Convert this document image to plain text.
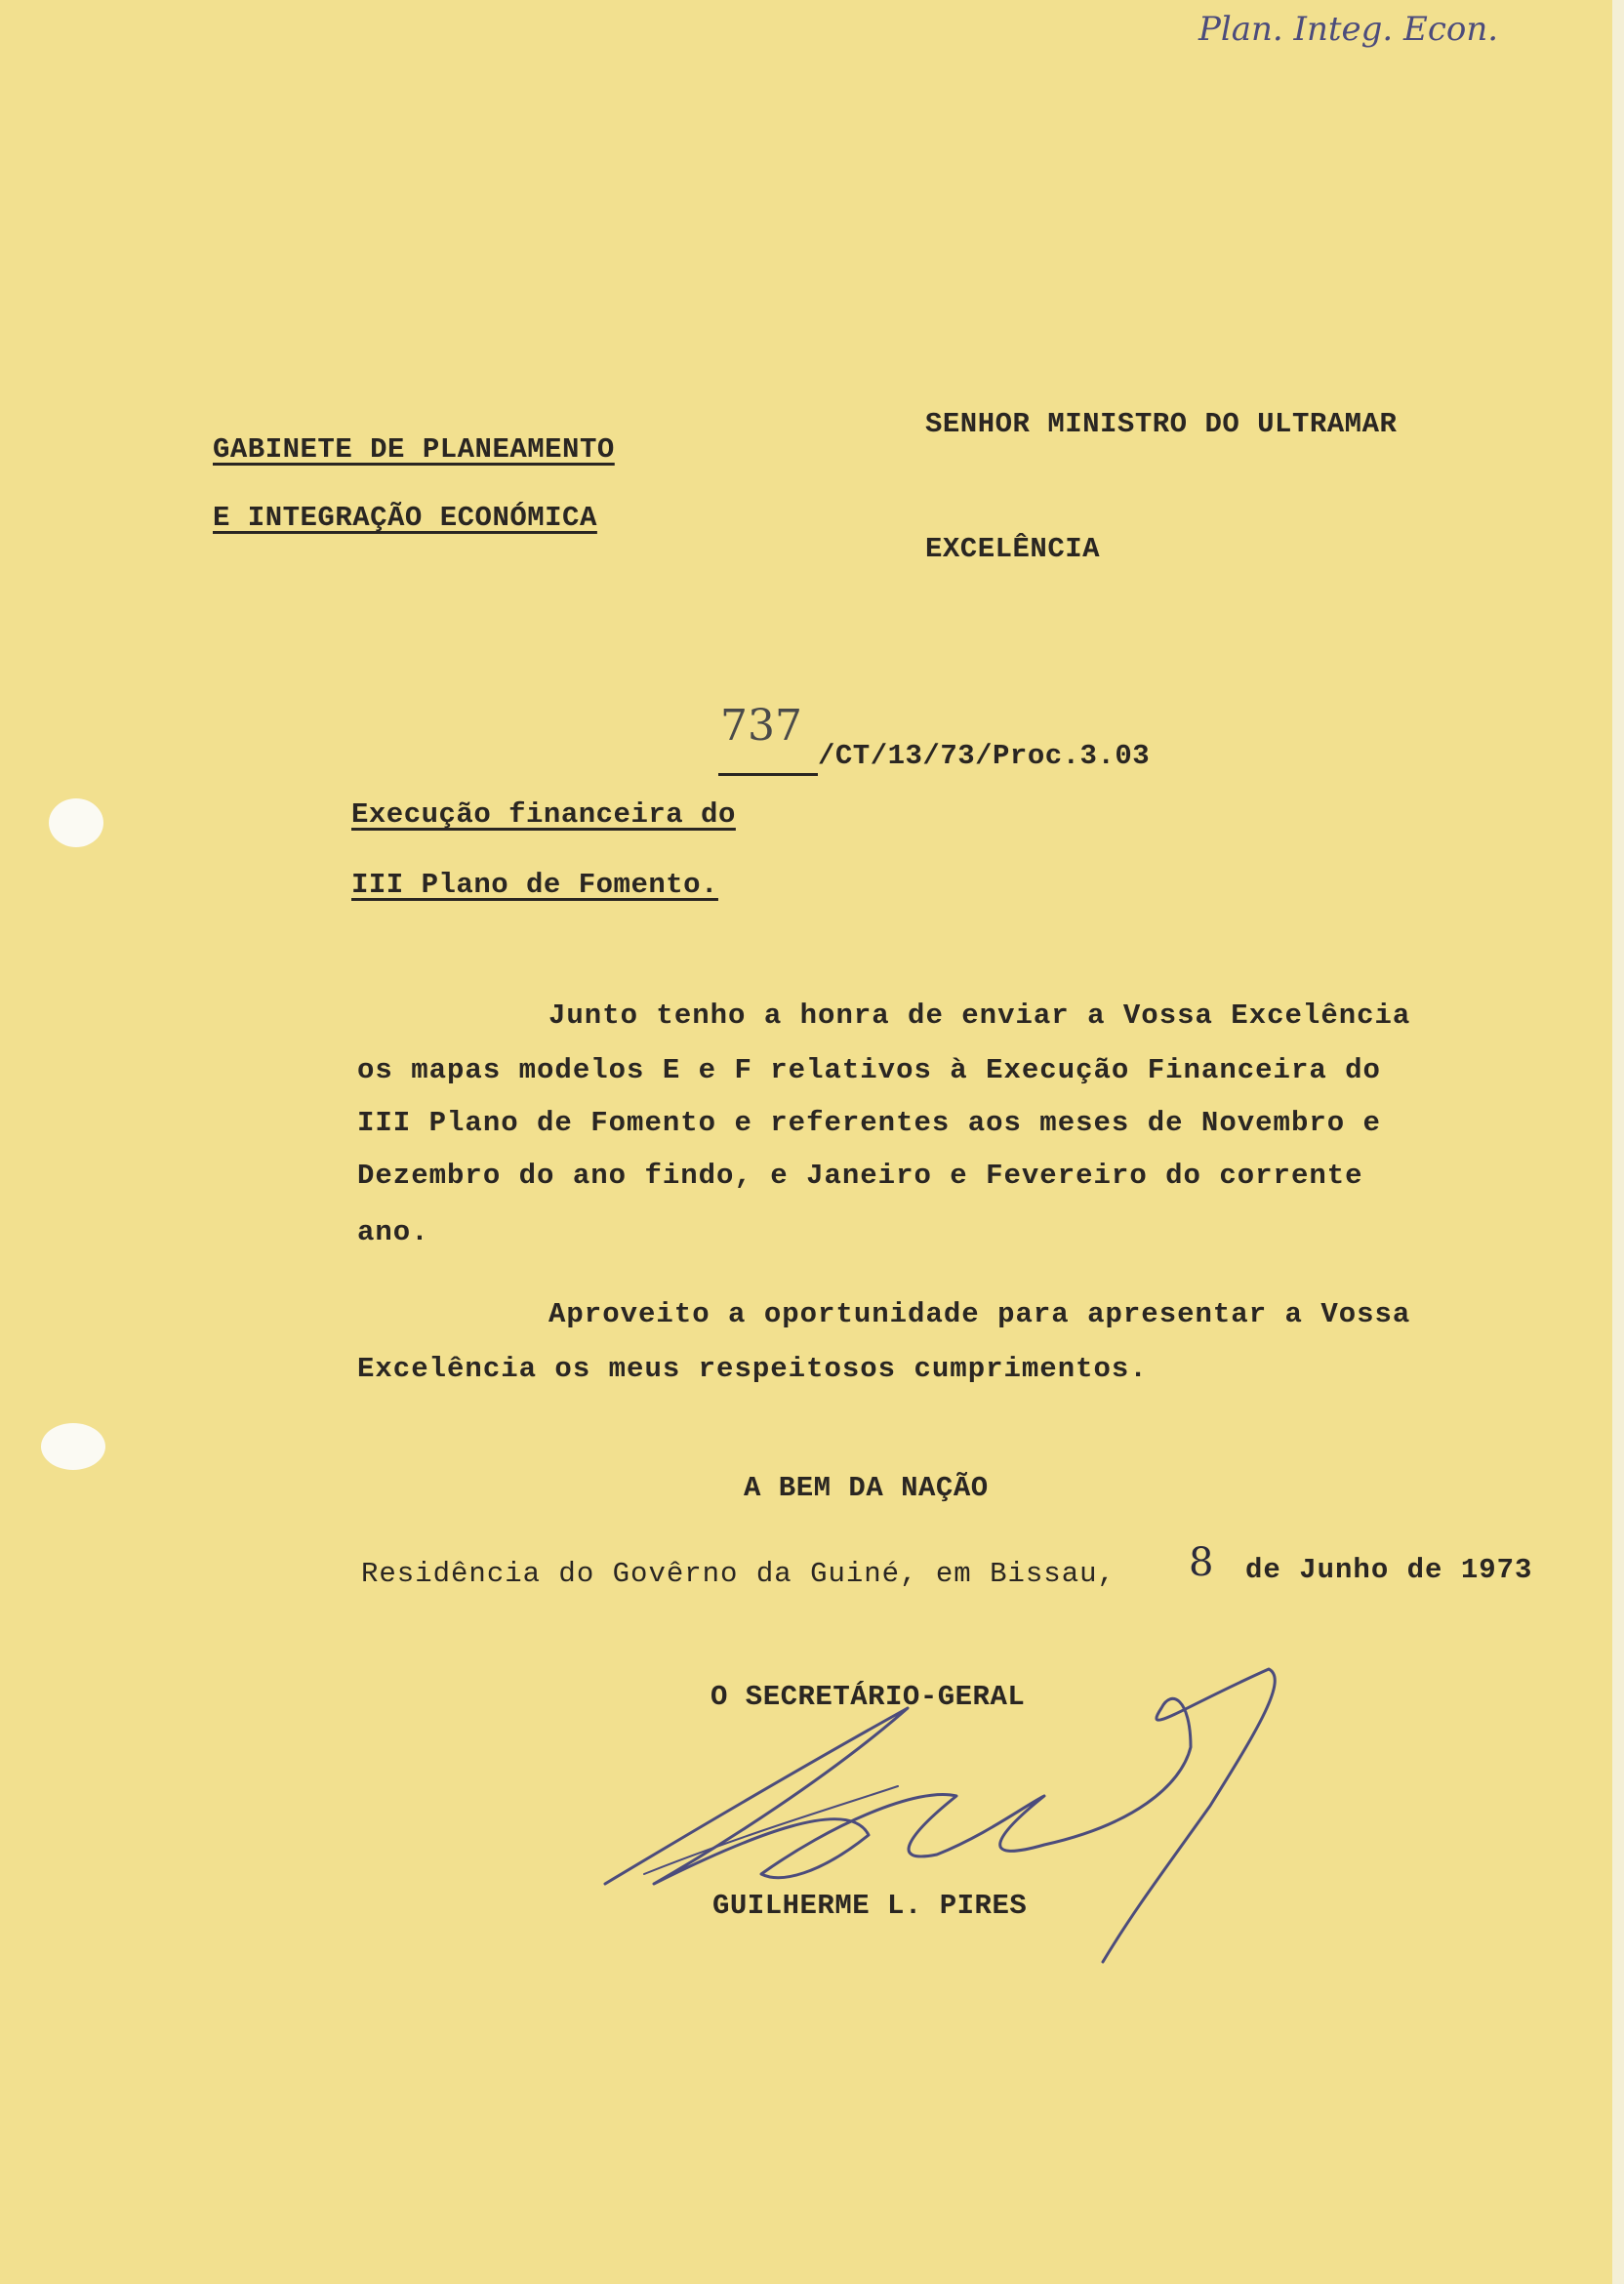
Plan. Integ. Econ.
GABINETE DE PLANEAMENTO
E INTEGRAÇÃO ECONÓMICA
SENHOR MINISTRO DO ULTRAMAR
EXCELÊNCIA
737
/CT/13/73/Proc.3.03
Execução financeira do
III Plano de Fomento.
Junto tenho a honra de enviar a Vossa Excelência
os mapas modelos E e F relativos à Execução Financeira do
III Plano de Fomento e referentes aos meses de Novembro e
Dezembro do ano findo, e Janeiro e Fevereiro do corrente
ano.
Aproveito a oportunidade para apresentar a Vossa
Excelência os meus respeitosos cumprimentos.
A BEM DA NAÇÃO
Residência do Govêrno da Guiné, em Bissau, 8 de Junho de 1973
O SECRETÁRIO-GERAL
GUILHERME L. PIRES
